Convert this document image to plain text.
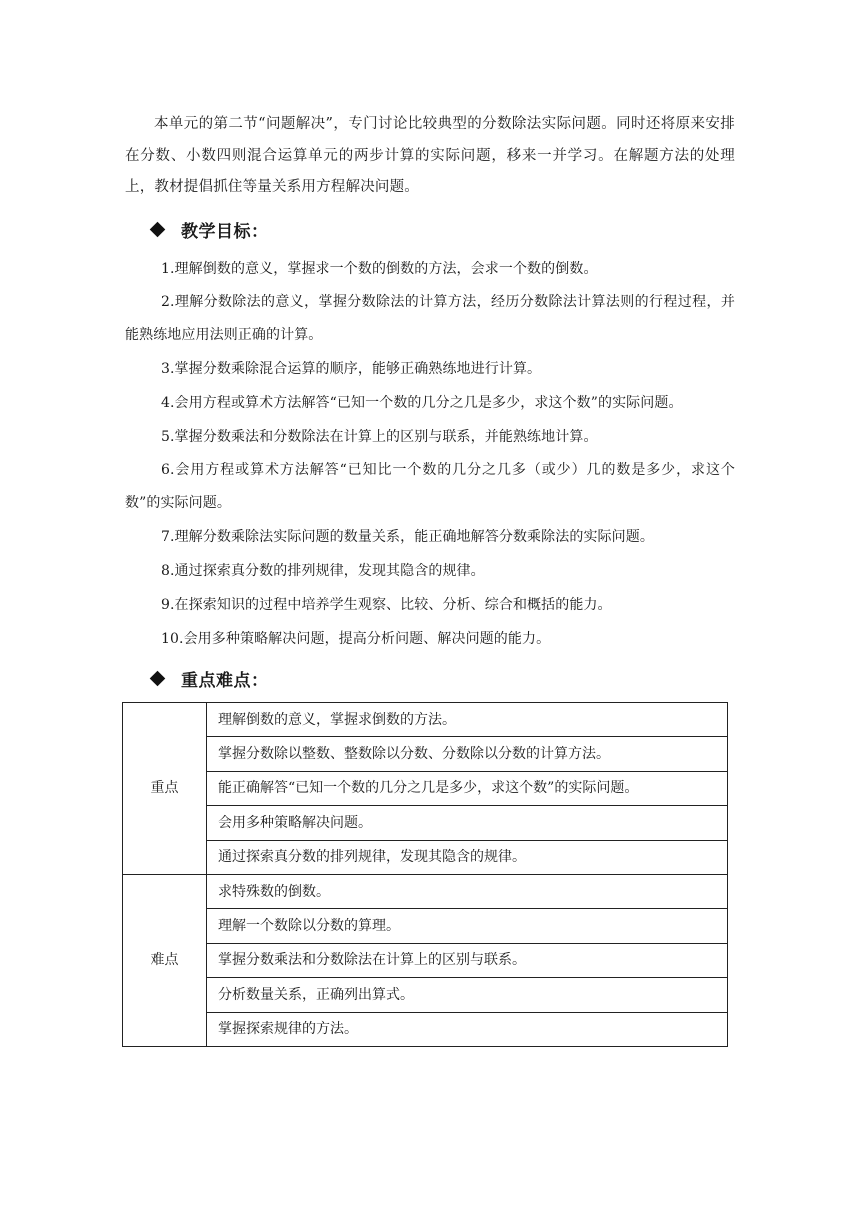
本单元的第二节“问题解决”，专门讨论比较典型的分数除法实际问题。同时还将原来安排在分数、小数四则混合运算单元的两步计算的实际问题，移来一并学习。在解题方法的处理上，教材提倡抓住等量关系用方程解决问题。

教学目标：
1.理解倒数的意义，掌握求一个数的倒数的方法，会求一个数的倒数。
2.理解分数除法的意义，掌握分数除法的计算方法，经历分数除法计算法则的行程过程，并能熟练地应用法则正确的计算。
3.掌握分数乘除混合运算的顺序，能够正确熟练地进行计算。
4.会用方程或算术方法解答“已知一个数的几分之几是多少，求这个数”的实际问题。
5.掌握分数乘法和分数除法在计算上的区别与联系，并能熟练地计算。
6.会用方程或算术方法解答“已知比一个数的几分之几多（或少）几的数是多少，求这个数”的实际问题。
7.理解分数乘除法实际问题的数量关系，能正确地解答分数乘除法的实际问题。
8.通过探索真分数的排列规律，发现其隐含的规律。
9.在探索知识的过程中培养学生观察、比较、分析、综合和概括的能力。
10.会用多种策略解决问题，提高分析问题、解决问题的能力。
重点难点：
重点	理解倒数的意义，掌握求倒数的方法。
	掌握分数除以整数、整数除以分数、分数除以分数的计算方法。
	能正确解答“已知一个数的几分之几是多少，求这个数”的实际问题。
	会用多种策略解决问题。
	通过探索真分数的排列规律，发现其隐含的规律。
难点	求特殊数的倒数。
	理解一个数除以分数的算理。
	掌握分数乘法和分数除法在计算上的区别与联系。
	分析数量关系，正确列出算式。
	掌握探索规律的方法。
